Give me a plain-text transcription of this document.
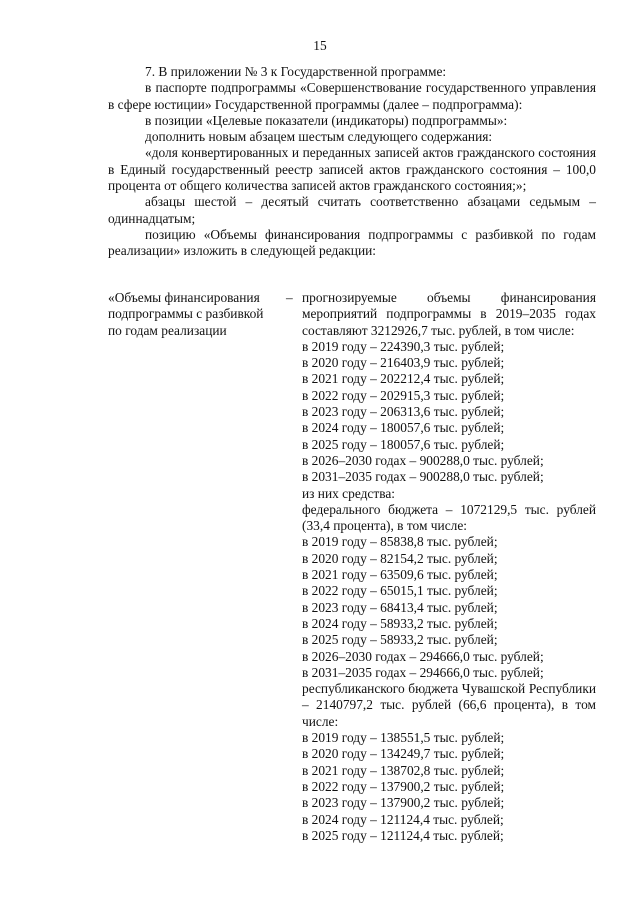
15

7. В приложении № 3 к Государственной программе:

в паспорте подпрограммы «Совершенствование государственного управления в сфере юстиции» Государственной программы (далее – подпрограмма):

в позиции «Целевые показатели (индикаторы) подпрограммы»:

дополнить новым абзацем шестым следующего содержания:

«доля конвертированных и переданных записей актов гражданского состояния в Единый государственный реестр записей актов гражданского состояния – 100,0 процента от общего количества записей актов гражданского состояния;»;

абзацы шестой – десятый считать соответственно абзацами седьмым – одиннадцатым;

позицию «Объемы финансирования подпрограммы с разбивкой по годам реализации» изложить в следующей редакции:

«Объемы финансирования подпрограммы с разбивкой по годам реализации
– прогнозируемые объемы финансирования мероприятий подпрограммы в 2019–2035 годах составляют 3212926,7 тыс. рублей, в том числе:

в 2019 году – 224390,3 тыс. рублей;

в 2020 году – 216403,9 тыс. рублей;

в 2021 году – 202212,4 тыс. рублей;

в 2022 году – 202915,3 тыс. рублей;

в 2023 году – 206313,6 тыс. рублей;

в 2024 году – 180057,6 тыс. рублей;

в 2025 году – 180057,6 тыс. рублей;

в 2026–2030 годах – 900288,0 тыс. рублей;

в 2031–2035 годах – 900288,0 тыс. рублей;

из них средства:

федерального бюджета – 1072129,5 тыс. рублей (33,4 процента), в том числе:

в 2019 году – 85838,8 тыс. рублей;

в 2020 году – 82154,2 тыс. рублей;

в 2021 году – 63509,6 тыс. рублей;

в 2022 году – 65015,1 тыс. рублей;

в 2023 году – 68413,4 тыс. рублей;

в 2024 году – 58933,2 тыс. рублей;

в 2025 году – 58933,2 тыс. рублей;

в 2026–2030 годах – 294666,0 тыс. рублей;

в 2031–2035 годах – 294666,0 тыс. рублей;

республиканского бюджета Чувашской Республики – 2140797,2 тыс. рублей (66,6 процента), в том числе:

в 2019 году – 138551,5 тыс. рублей;

в 2020 году – 134249,7 тыс. рублей;

в 2021 году – 138702,8 тыс. рублей;

в 2022 году – 137900,2 тыс. рублей;

в 2023 году – 137900,2 тыс. рублей;

в 2024 году – 121124,4 тыс. рублей;

в 2025 году – 121124,4 тыс. рублей;
